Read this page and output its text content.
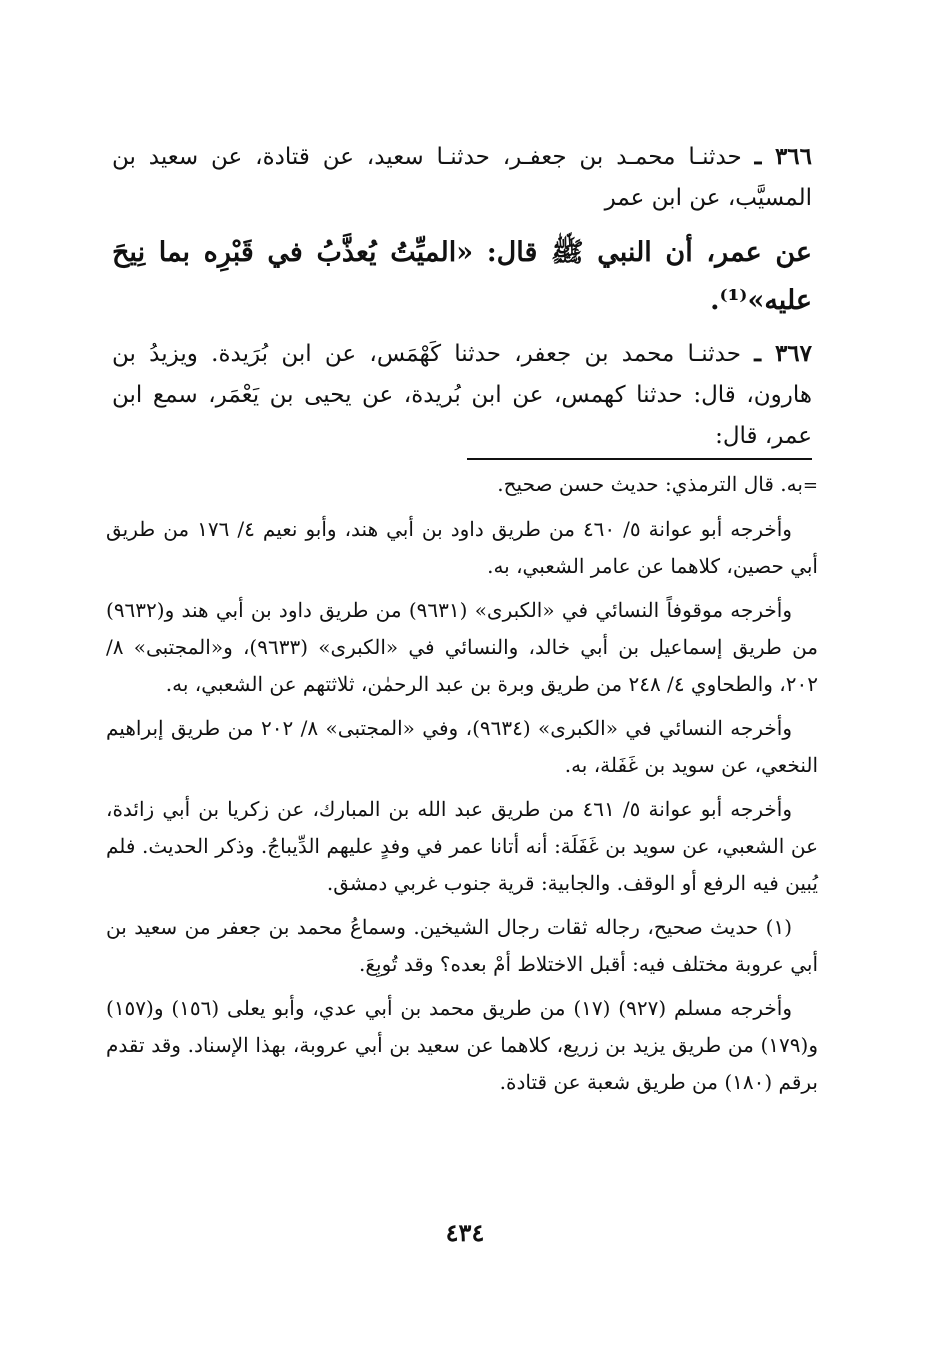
٣٦٦ ـ حدثنـا محمـد بن جعفـر، حدثنـا سعيد، عن قتادة، عن سعيد بن المسيَّب، عن ابن عمر

عن عمر، أن النبي ﷺ قال: «الميِّتُ يُعذَّبُ في قَبْرِه بما نِيحَ عليه»⁽¹⁾.

٣٦٧ ـ حدثنـا محمد بن جعفر، حدثنا كَهْمَس، عن ابن بُرَيدة. ويزيدُ بن هارون، قال: حدثنا كهمس، عن ابن بُريدة، عن يحيى بن يَعْمَر، سمع ابن عمر، قال:

=به. قال الترمذي: حديث حسن صحيح.

وأخرجه أبو عوانة ٥/ ٤٦٠ من طريق داود بن أبي هند، وأبو نعيم ٤/ ١٧٦ من طريق أبي حصين، كلاهما عن عامر الشعبي، به.

وأخرجه موقوفاً النسائي في «الكبرى» (٩٦٣١) من طريق داود بن أبي هند و(٩٦٣٢) من طريق إسماعيل بن أبي خالد، والنسائي في «الكبرى» (٩٦٣٣)، و«المجتبى» ٨/ ٢٠٢، والطحاوي ٤/ ٢٤٨ من طريق وبرة بن عبد الرحمٰن، ثلاثتهم عن الشعبي، به.

وأخرجه النسائي في «الكبرى» (٩٦٣٤)، وفي «المجتبى» ٨/ ٢٠٢ من طريق إبراهيم النخعي، عن سويد بن غَفَلة، به.

وأخرجه أبو عوانة ٥/ ٤٦١ من طريق عبد الله بن المبارك، عن زكريا بن أبي زائدة، عن الشعبي، عن سويد بن غَفَلَة: أنه أتانا عمر في وفدٍ عليهم الدِّيباجُ. وذكر الحديث. فلم يُبين فيه الرفع أو الوقف. والجابية: قرية جنوب غربي دمشق.

(١) حديث صحيح، رجاله ثقات رجال الشيخين. وسماعُ محمد بن جعفر من سعيد بن أبي عروبة مختلف فيه: أقبل الاختلاط أمْ بعده؟ وقد تُوبِعَ.

وأخرجه مسلم (٩٢٧) (١٧) من طريق محمد بن أبي عدي، وأبو يعلى (١٥٦) و(١٥٧) و(١٧٩) من طريق يزيد بن زريع، كلاهما عن سعيد بن أبي عروبة، بهذا الإسناد. وقد تقدم برقم (١٨٠) من طريق شعبة عن قتادة.

٤٣٤
